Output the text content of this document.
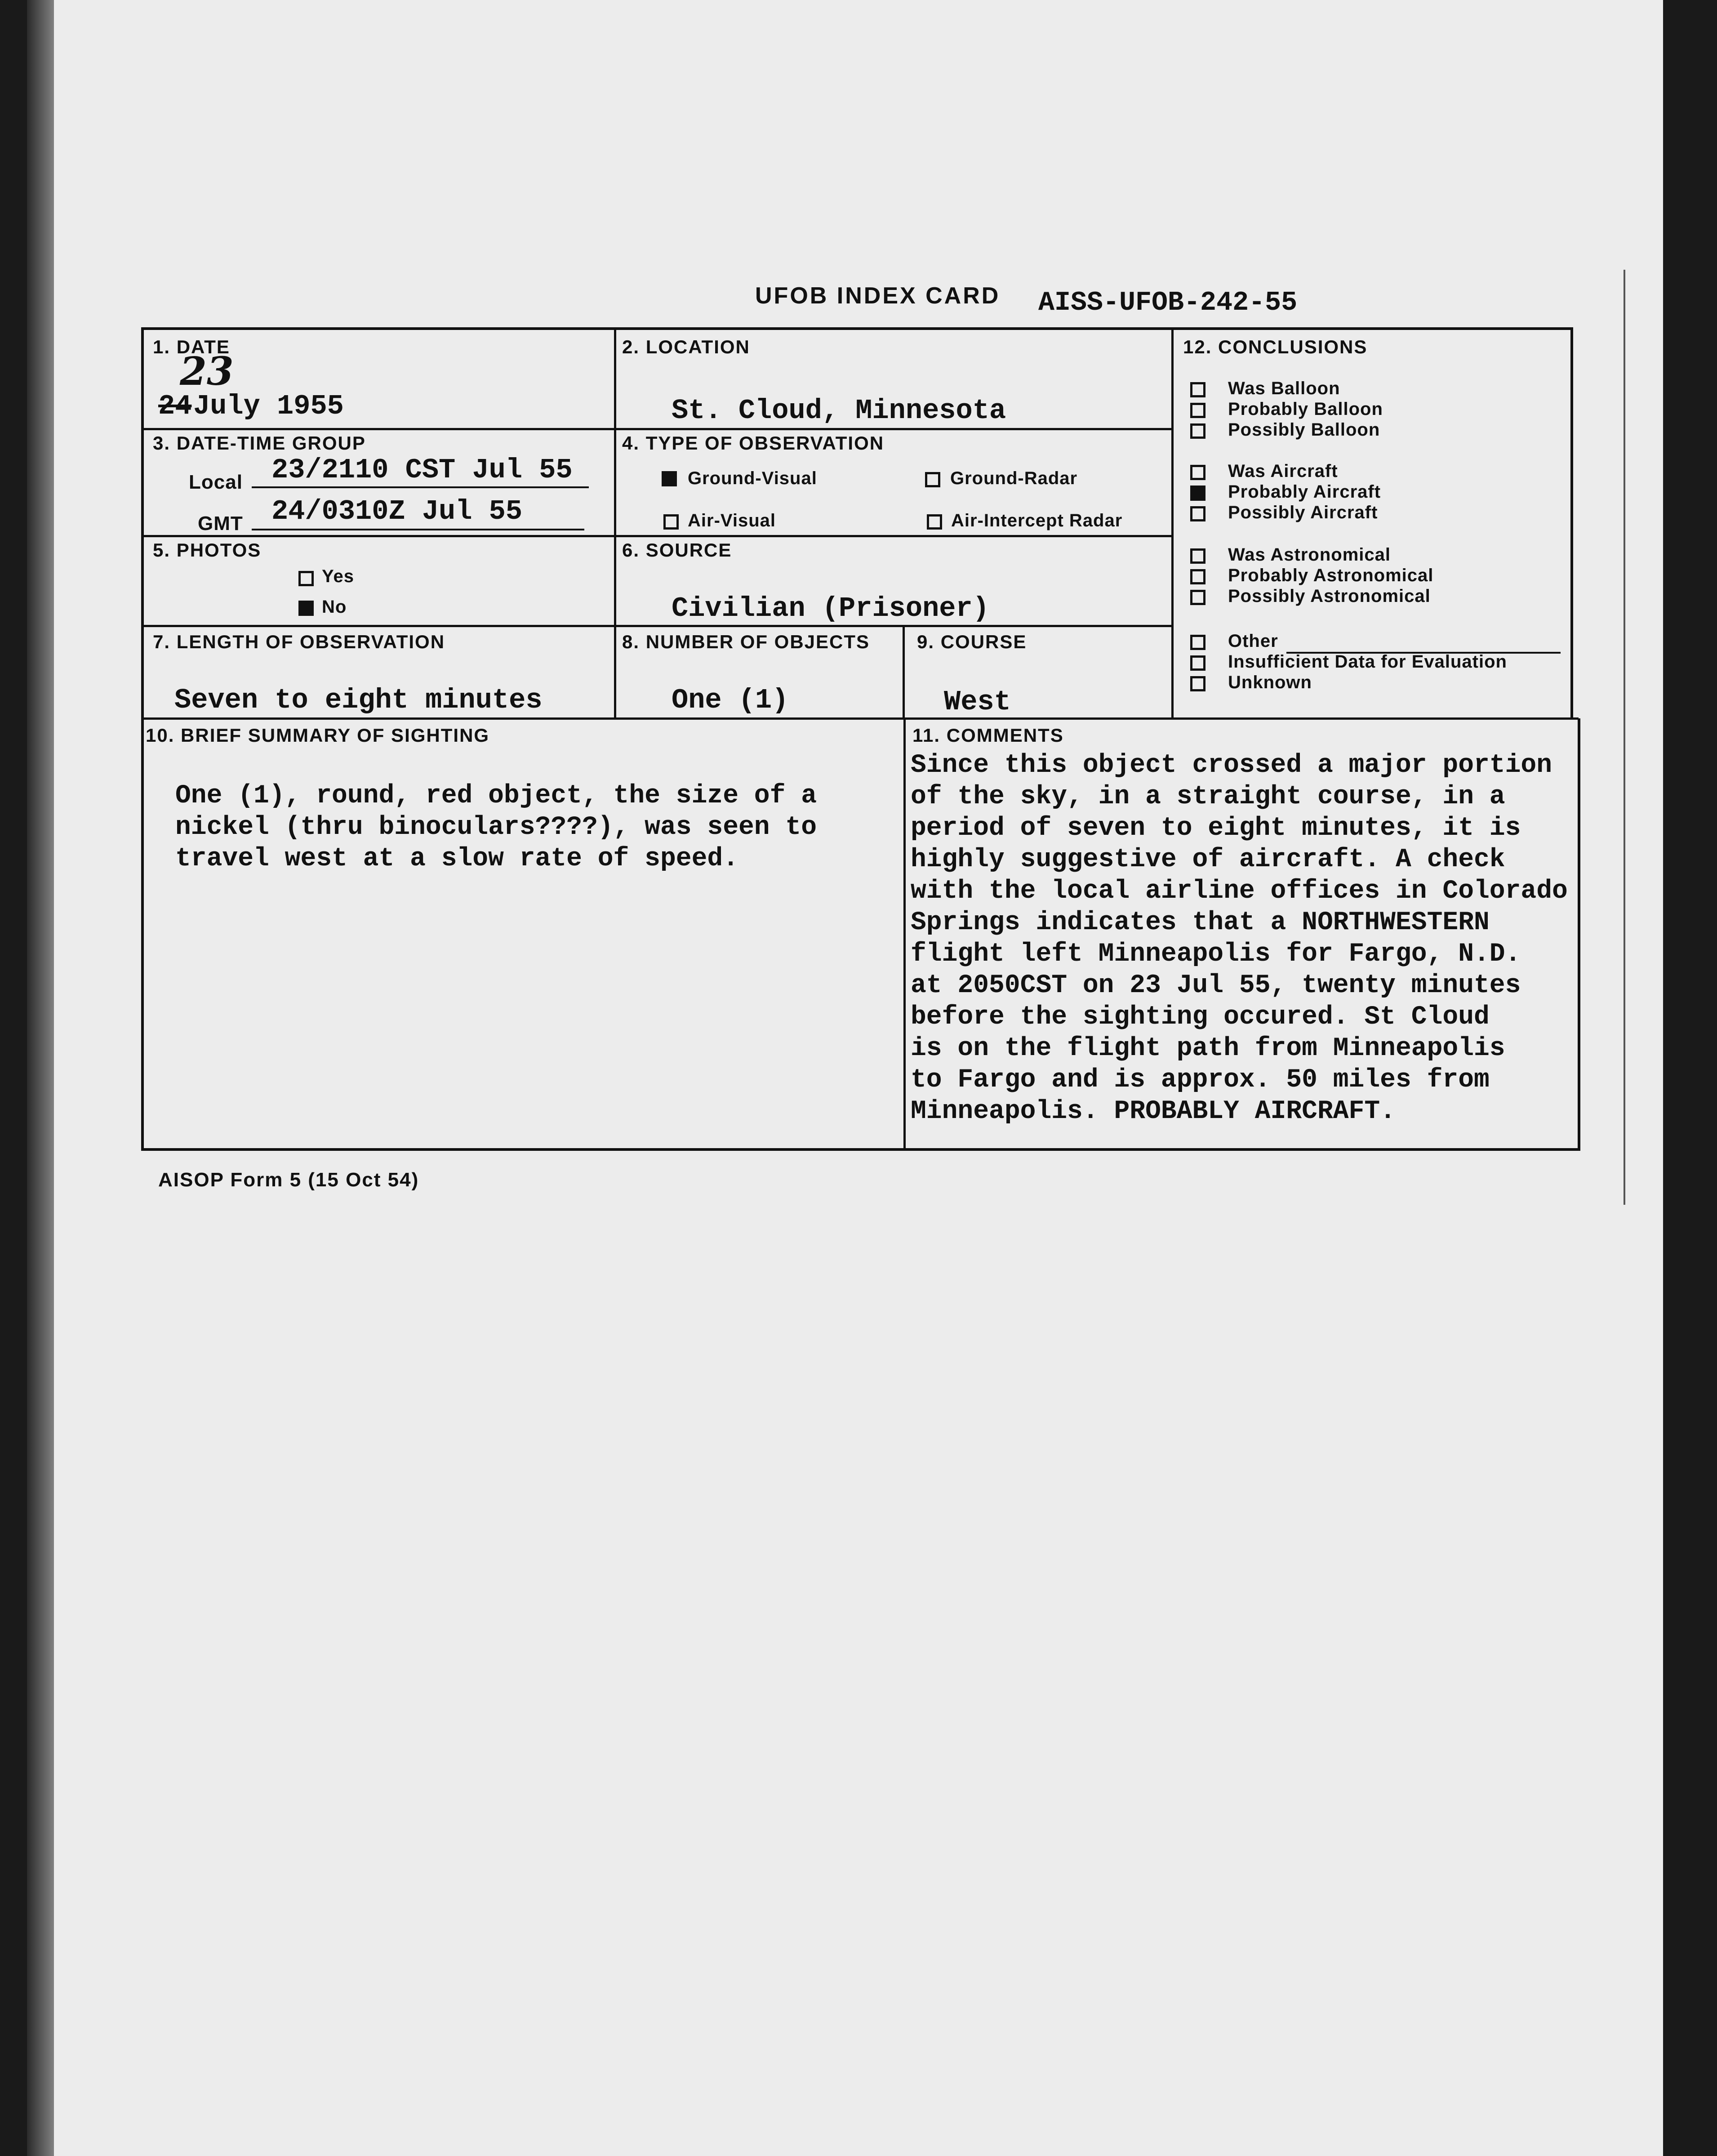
UFOB INDEX CARD AISS-UFOB-242-55
1. DATE
23
24 July 1955
2. LOCATION
St. Cloud, Minnesota
3. DATE-TIME GROUP
Local 23/2110 CST Jul 55
GMT 24/0310Z Jul 55
4. TYPE OF OBSERVATION
Ground-Visual	Ground-Radar
Air-Visual	Air-Intercept Radar
5. PHOTOS
Yes
No
6. SOURCE
Civilian (Prisoner)
7. LENGTH OF OBSERVATION
Seven to eight minutes
8. NUMBER OF OBJECTS
One (1)
9. COURSE
West
12. CONCLUSIONS
Was Balloon
Probably Balloon
Possibly Balloon
Was Aircraft
Probably Aircraft
Possibly Aircraft
Was Astronomical
Probably Astronomical
Possibly Astronomical
Other
Insufficient Data for Evaluation
Unknown
10. BRIEF SUMMARY OF SIGHTING
One (1), round, red object, the size of a
nickel (thru binoculars????), was seen to
travel west at a slow rate of speed.
11. COMMENTS
Since this object crossed a major portion
of the sky, in a straight course, in a
period of seven to eight minutes, it is
highly suggestive of aircraft. A check
with the local airline offices in Colorado
Springs indicates that a NORTHWESTERN
flight left Minneapolis for Fargo, N.D.
at 2050CST on 23 Jul 55, twenty minutes
before the sighting occured. St Cloud
is on the flight path from Minneapolis
to Fargo and is approx. 50 miles from
Minneapolis. PROBABLY AIRCRAFT.
AISOP Form 5 (15 Oct 54)
